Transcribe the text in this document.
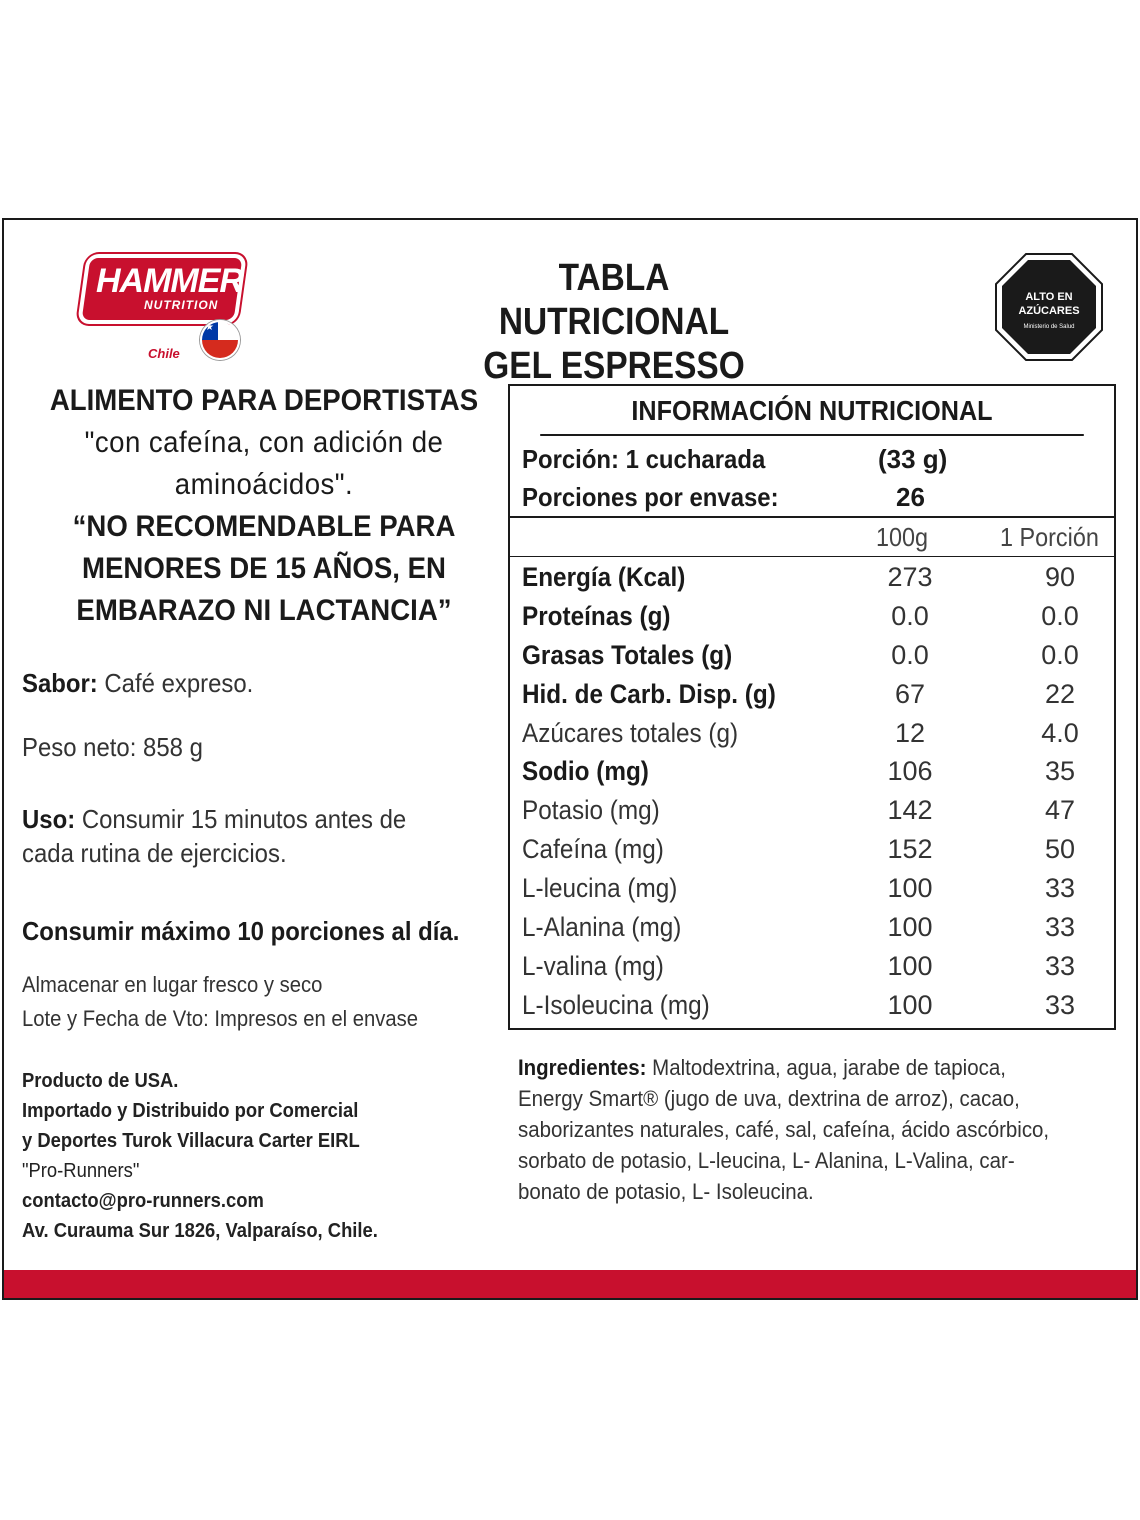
HAMMER
NUTRITION
Chile
★
TABLA NUTRICIONAL
GEL ESPRESSO
ALTO EN
AZÚCARES
Ministerio de Salud
ALIMENTO PARA DEPORTISTAS
"con cafeína, con adición de
aminoácidos".
“NO RECOMENDABLE PARA
MENORES DE 15 AÑOS, EN
EMBARAZO NI LACTANCIA”
Sabor: Café expreso.
Peso neto: 858 g
Uso: Consumir 15 minutos antes de
cada rutina de ejercicios.
Consumir máximo 10 porciones al día.
Almacenar en lugar fresco y seco
Lote y Fecha de Vto: Impresos en el envase
Producto de USA.
Importado y Distribuido por Comercial
y Deportes Turok Villacura Carter EIRL
"Pro-Runners"
contacto@pro-runners.com
Av. Curauma Sur 1826, Valparaíso, Chile.
INFORMACIÓN NUTRICIONAL
Porción: 1 cucharada	(33 g)
Porciones por envase:	26
100g	1 Porción
Energía (Kcal)	273	90
Proteínas (g)	0.0	0.0
Grasas Totales (g)	0.0	0.0
Hid. de Carb. Disp. (g)	67	22
Azúcares totales (g)	12	4.0
Sodio (mg)	106	35
Potasio (mg)	142	47
Cafeína (mg)	152	50
L-leucina (mg)	100	33
L-Alanina (mg)	100	33
L-valina (mg)	100	33
L-Isoleucina (mg)	100	33
Ingredientes: Maltodextrina, agua, jarabe de tapioca,
Energy Smart® (jugo de uva, dextrina de arroz), cacao,
saborizantes naturales, café, sal, cafeína, ácido ascórbico,
sorbato de potasio, L-leucina, L- Alanina, L-Valina, car-
bonato de potasio, L- Isoleucina.
